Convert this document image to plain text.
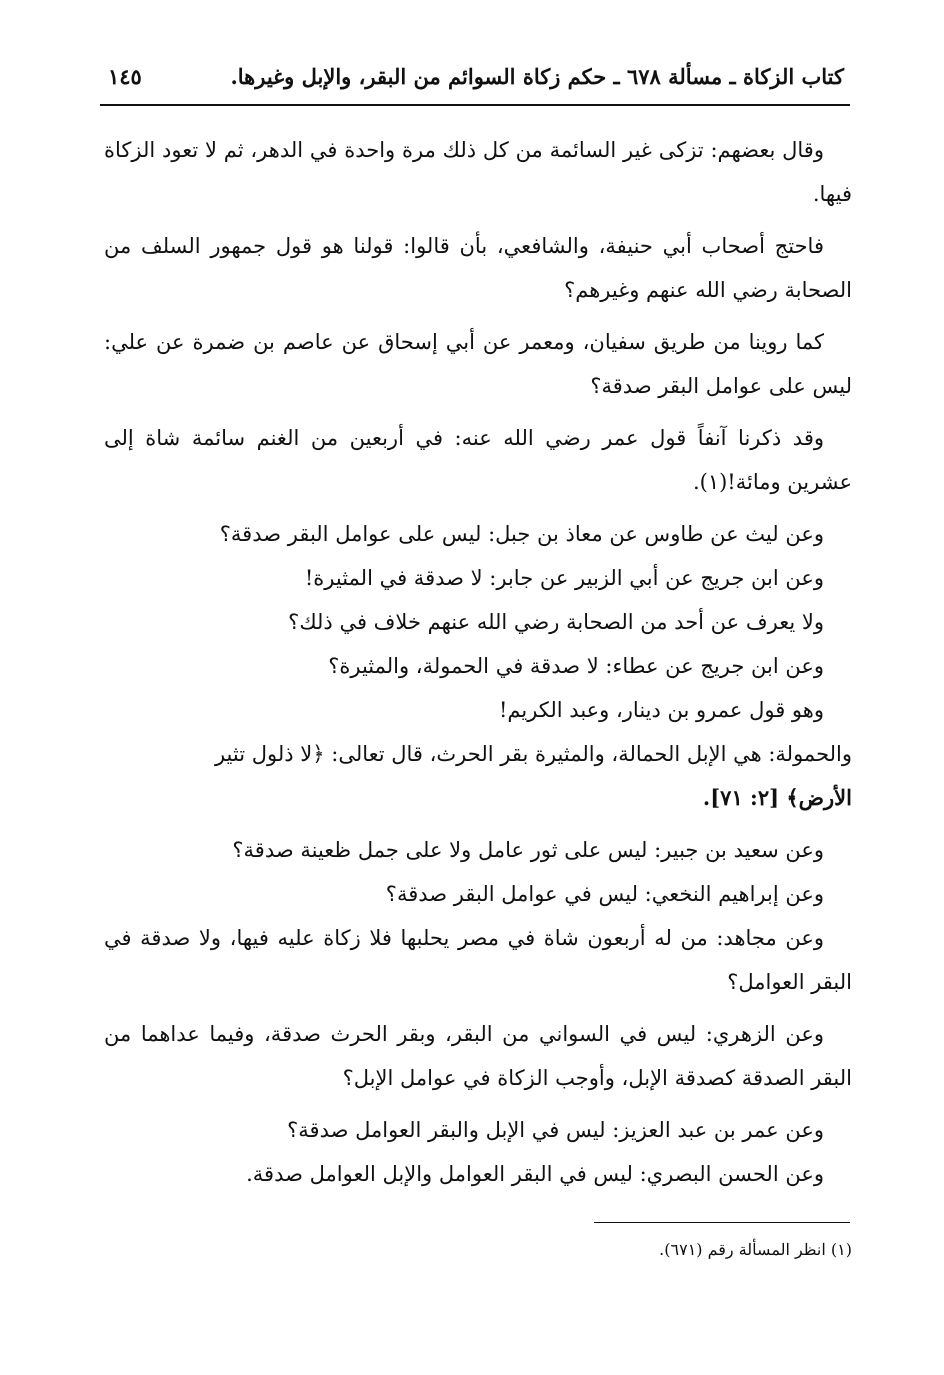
كتاب الزكاة ـ مسألة ٦٧٨ ـ حكم زكاة السوائم من البقر، والإبل وغيرها.
١٤٥

وقال بعضهم: تزكى غير السائمة من كل ذلك مرة واحدة في الدهر، ثم لا تعود الزكاة فيها.

فاحتج أصحاب أبي حنيفة، والشافعي، بأن قالوا: قولنا هو قول جمهور السلف من الصحابة رضي الله عنهم وغيرهم؟

كما روينا من طريق سفيان، ومعمر عن أبي إسحاق عن عاصم بن ضمرة عن علي: ليس على عوامل البقر صدقة؟

وقد ذكرنا آنفاً قول عمر رضي الله عنه: في أربعين من الغنم سائمة شاة إلى عشرين ومائة!(١).

وعن ليث عن طاوس عن معاذ بن جبل: ليس على عوامل البقر صدقة؟
وعن ابن جريج عن أبي الزبير عن جابر: لا صدقة في المثيرة!
ولا يعرف عن أحد من الصحابة رضي الله عنهم خلاف في ذلك؟
وعن ابن جريج عن عطاء: لا صدقة في الحمولة، والمثيرة؟
وهو قول عمرو بن دينار، وعبد الكريم!
والحمولة: هي الإبل الحمالة، والمثيرة بقر الحرث، قال تعالى: ﴿لا ذلول تثير
الأرض﴾ [٢: ٧١].
وعن سعيد بن جبير: ليس على ثور عامل ولا على جمل ظعينة صدقة؟
وعن إبراهيم النخعي: ليس في عوامل البقر صدقة؟

وعن مجاهد: من له أربعون شاة في مصر يحلبها فلا زكاة عليه فيها، ولا صدقة في البقر العوامل؟

وعن الزهري: ليس في السواني من البقر، وبقر الحرث صدقة، وفيما عداهما من البقر الصدقة كصدقة الإبل، وأوجب الزكاة في عوامل الإبل؟

وعن عمر بن عبد العزيز: ليس في الإبل والبقر العوامل صدقة؟
وعن الحسن البصري: ليس في البقر العوامل والإبل العوامل صدقة.
(١) انظر المسألة رقم (٦٧١).
